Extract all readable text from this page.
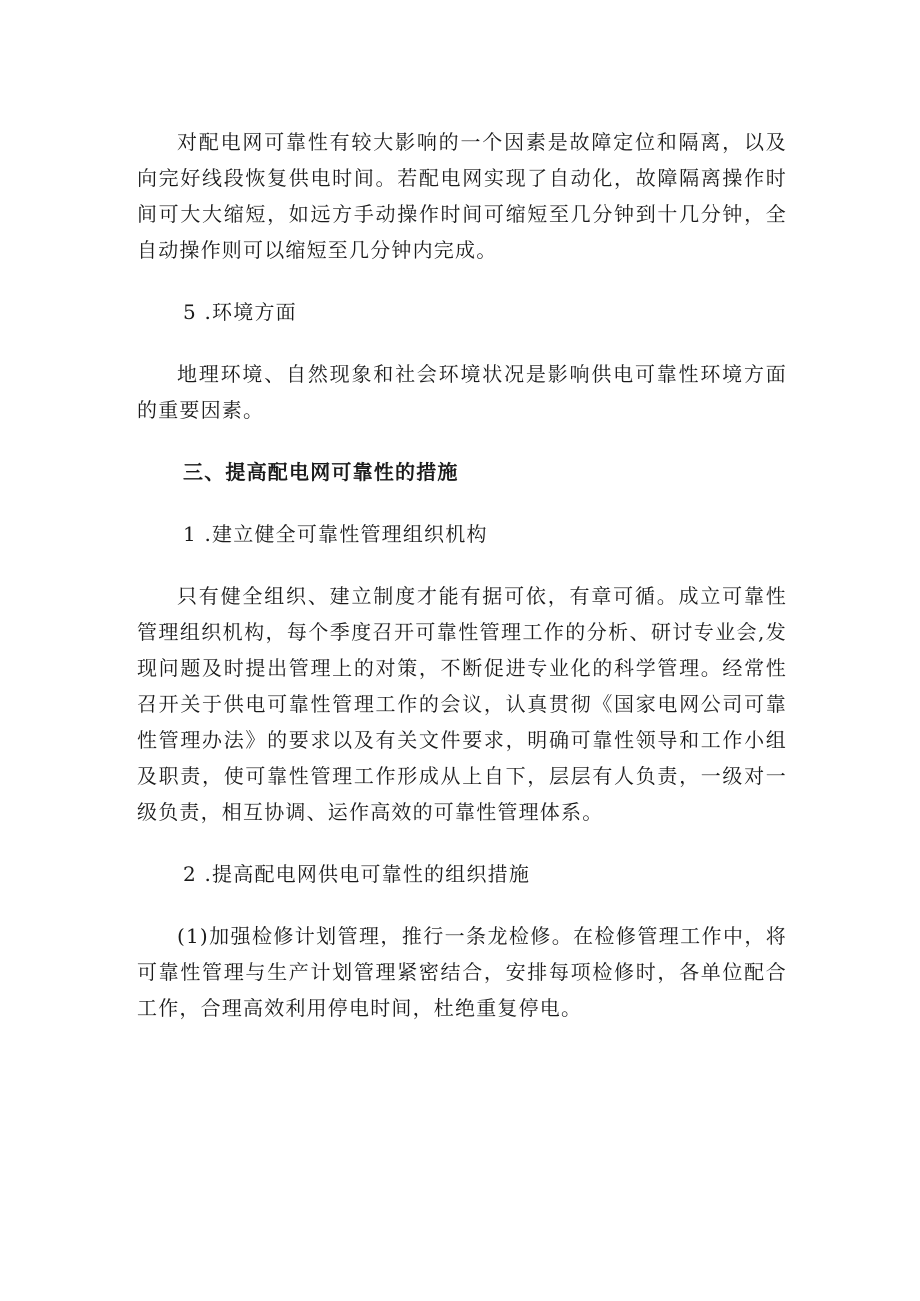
对配电网可靠性有较大影响的一个因素是故障定位和隔离，以及向完好线段恢复供电时间。若配电网实现了自动化，故障隔离操作时间可大大缩短，如远方手动操作时间可缩短至几分钟到十几分钟，全自动操作则可以缩短至几分钟内完成。

5 .环境方面

地理环境、自然现象和社会环境状况是影响供电可靠性环境方面的重要因素。

三、提高配电网可靠性的措施

1 .建立健全可靠性管理组织机构

只有健全组织、建立制度才能有据可依，有章可循。成立可靠性管理组织机构，每个季度召开可靠性管理工作的分析、研讨专业会,发现问题及时提出管理上的对策，不断促进专业化的科学管理。经常性召开关于供电可靠性管理工作的会议，认真贯彻《国家电网公司可靠性管理办法》的要求以及有关文件要求，明确可靠性领导和工作小组及职责，使可靠性管理工作形成从上自下，层层有人负责，一级对一级负责，相互协调、运作高效的可靠性管理体系。

2 .提高配电网供电可靠性的组织措施

(1)加强检修计划管理，推行一条龙检修。在检修管理工作中，将可靠性管理与生产计划管理紧密结合，安排每项检修时，各单位配合工作，合理高效利用停电时间，杜绝重复停电。
